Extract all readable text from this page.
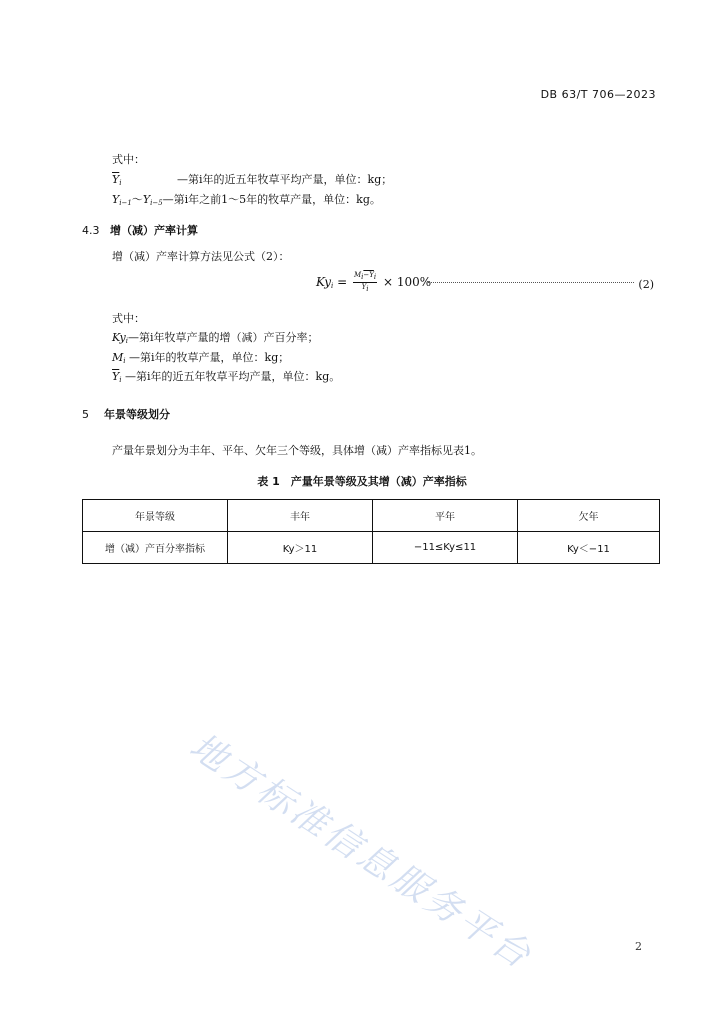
DB 63/T 706—2023
式中：
$\overline{Y}_i$	—第i年的近五年牧草平均产量，单位：kg；
$Y_{i-1}\sim Y_{i-5}—$第i年之前1～5年的牧草产量，单位：kg。
4.3 增（减）产率计算
增（减）产率计算方法见公式（2）：
$Ky_i = \frac{Mi-Yi}{\overline{Y}i} \times 100\%$	(2)
式中：
$Ky_i—$第i年牧草产量的增（减）产百分率；
$M_i$ —第i年的牧草产量，单位：kg；
$\overline{Y}_i$ —第i年的近五年牧草平均产量，单位：kg。
5 年景等级划分
产量年景划分为丰年、平年、欠年三个等级，具体增（减）产率指标见表1。
表 1　产量年景等级及其增（减）产率指标
年景等级	丰年	平年	欠年
增（减）产百分率指标	Ky＞11	−11≤Ky≤11	Ky＜−11
地方标准信息服务平台	2
